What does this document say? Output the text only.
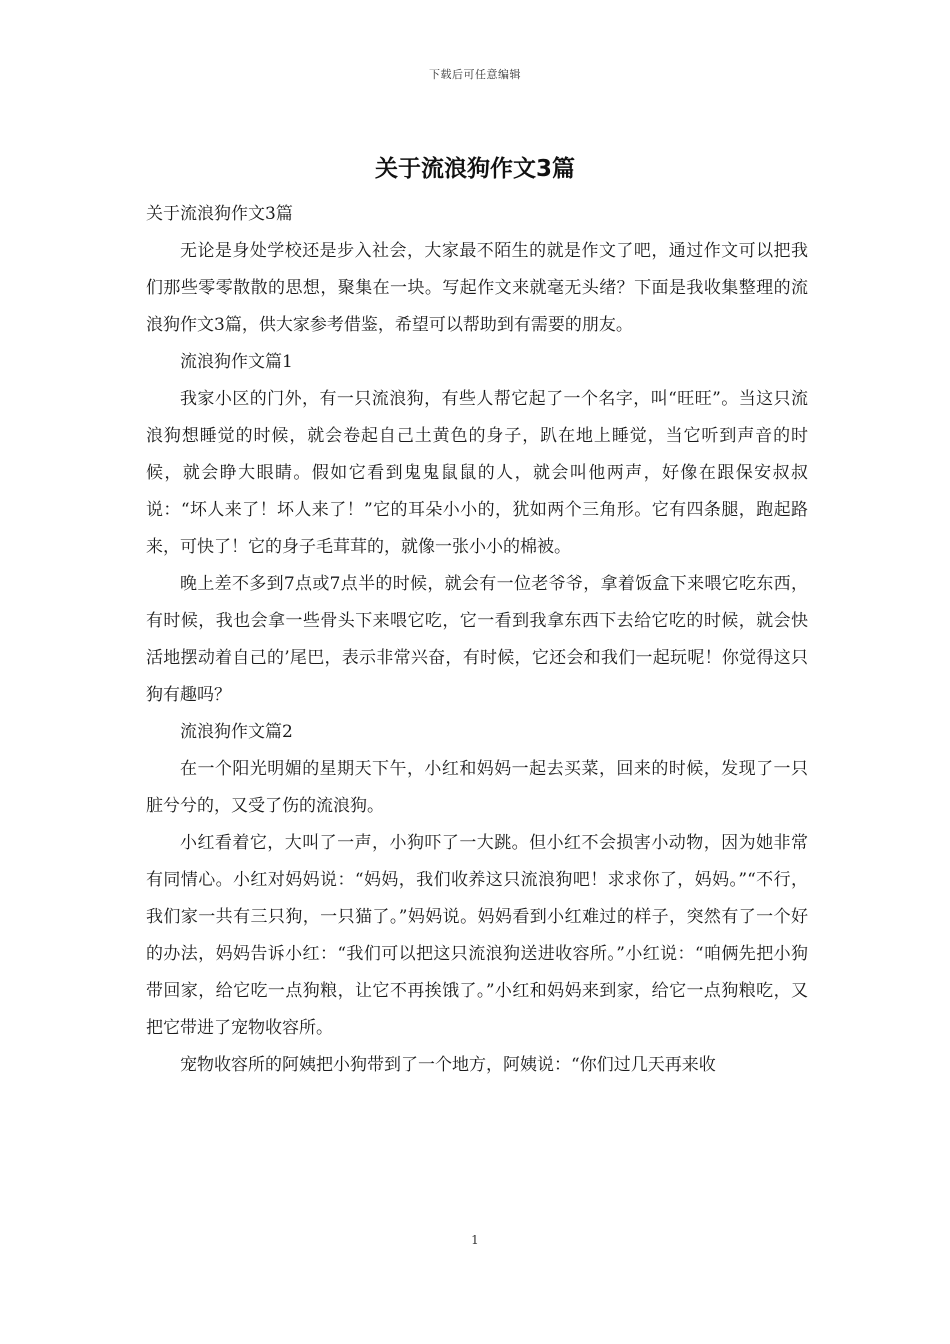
下载后可任意编辑
关于流浪狗作文3篇

关于流浪狗作文3篇

无论是身处学校还是步入社会，大家最不陌生的就是作文了吧，通过作文可以把我们那些零零散散的思想，聚集在一块。写起作文来就毫无头绪？下面是我收集整理的流浪狗作文3篇，供大家参考借鉴，希望可以帮助到有需要的朋友。

流浪狗作文篇1

我家小区的门外，有一只流浪狗，有些人帮它起了一个名字，叫“旺旺”。当这只流浪狗想睡觉的时候，就会卷起自己土黄色的身子，趴在地上睡觉，当它听到声音的时候，就会睁大眼睛。假如它看到鬼鬼鼠鼠的人，就会叫他两声，好像在跟保安叔叔说：“坏人来了！坏人来了！”它的耳朵小小的，犹如两个三角形。它有四条腿，跑起路来，可快了！它的身子毛茸茸的，就像一张小小的棉被。

晚上差不多到7点或7点半的时候，就会有一位老爷爷，拿着饭盒下来喂它吃东西，有时候，我也会拿一些骨头下来喂它吃，它一看到我拿东西下去给它吃的时候，就会快活地摆动着自己的’尾巴，表示非常兴奋，有时候，它还会和我们一起玩呢！你觉得这只狗有趣吗？

流浪狗作文篇2

在一个阳光明媚的星期天下午，小红和妈妈一起去买菜，回来的时候，发现了一只脏兮兮的，又受了伤的流浪狗。

小红看着它，大叫了一声，小狗吓了一大跳。但小红不会损害小动物，因为她非常有同情心。小红对妈妈说：“妈妈，我们收养这只流浪狗吧！求求你了，妈妈。”“不行，我们家一共有三只狗，一只猫了。”妈妈说。妈妈看到小红难过的样子，突然有了一个好的办法，妈妈告诉小红：“我们可以把这只流浪狗送进收容所。”小红说：“咱俩先把小狗带回家，给它吃一点狗粮，让它不再挨饿了。”小红和妈妈来到家，给它一点狗粮吃，又把它带进了宠物收容所。

宠物收容所的阿姨把小狗带到了一个地方，阿姨说：“你们过几天再来收

1
